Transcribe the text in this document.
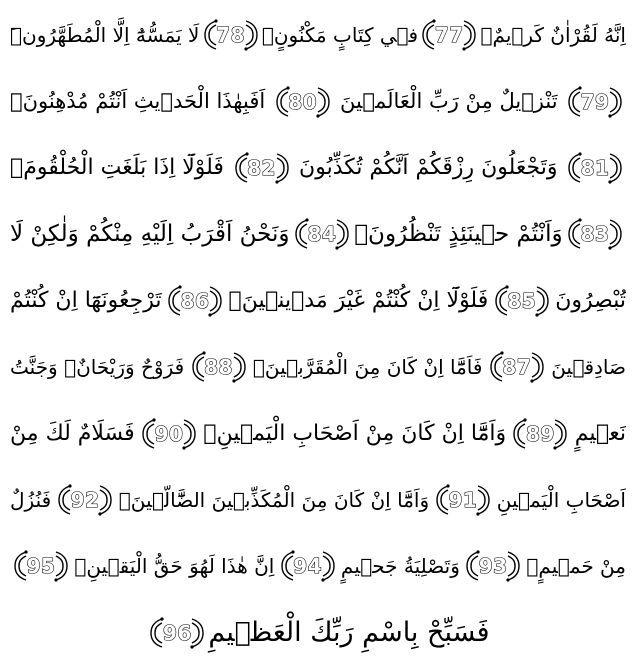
اِنَّهُ لَقُرْاٰنٌ كَر۪يمٌۙ
77
ف۪ي كِتَابٍ مَكْنُونٍۙ
78
لَا يَمَسُّهُٓ اِلَّا الْمُطَهَّرُونَۜ
79
تَنْز۪يلٌ مِنْ رَبِّ الْعَالَم۪ينَ
80
اَفَبِهٰذَا الْحَد۪يثِ اَنْتُمْ مُدْهِنُونَۙ
81
وَتَجْعَلُونَ رِزْقَكُمْ اَنَّكُمْ تُكَذِّبُونَ
82
فَلَوْلَٓا اِذَا بَلَغَتِ الْحُلْقُومَۙ
83
وَاَنْتُمْ ح۪ينَئِذٍ تَنْظُرُونَۙ
84
وَنَحْنُ اَقْرَبُ اِلَيْهِ مِنْكُمْ وَلٰكِنْ لَا
تُبْصِرُونَ
85
فَلَوْلَٓا اِنْ كُنْتُمْ غَيْرَ مَد۪ين۪ينَۙ
86
تَرْجِعُونَهَٓا اِنْ كُنْتُمْ
صَادِق۪ينَ
87
فَاَمَّٓا اِنْ كَانَ مِنَ الْمُقَرَّب۪ينَۙ
88
فَرَوْحٌ وَرَيْحَانٌۙ وَجَنَّتُ
نَع۪يمٍ
89
وَاَمَّٓا اِنْ كَانَ مِنْ اَصْحَابِ الْيَم۪ينِۙ
90
فَسَلَامٌ لَكَ مِنْ
اَصْحَابِ الْيَم۪ينِ
91
وَاَمَّٓا اِنْ كَانَ مِنَ الْمُكَذِّب۪ينَ الضَّٓالّ۪ينَۙ
92
فَنُزُلٌ
مِنْ حَم۪يمٍۙ
93
وَتَصْلِيَةُ جَح۪يمٍ
94
اِنَّ هٰذَا لَهُوَ حَقُّ الْيَق۪ينِۚ
95
فَسَبِّحْ بِاسْمِ رَبِّكَ الْعَظ۪يمِ
96
